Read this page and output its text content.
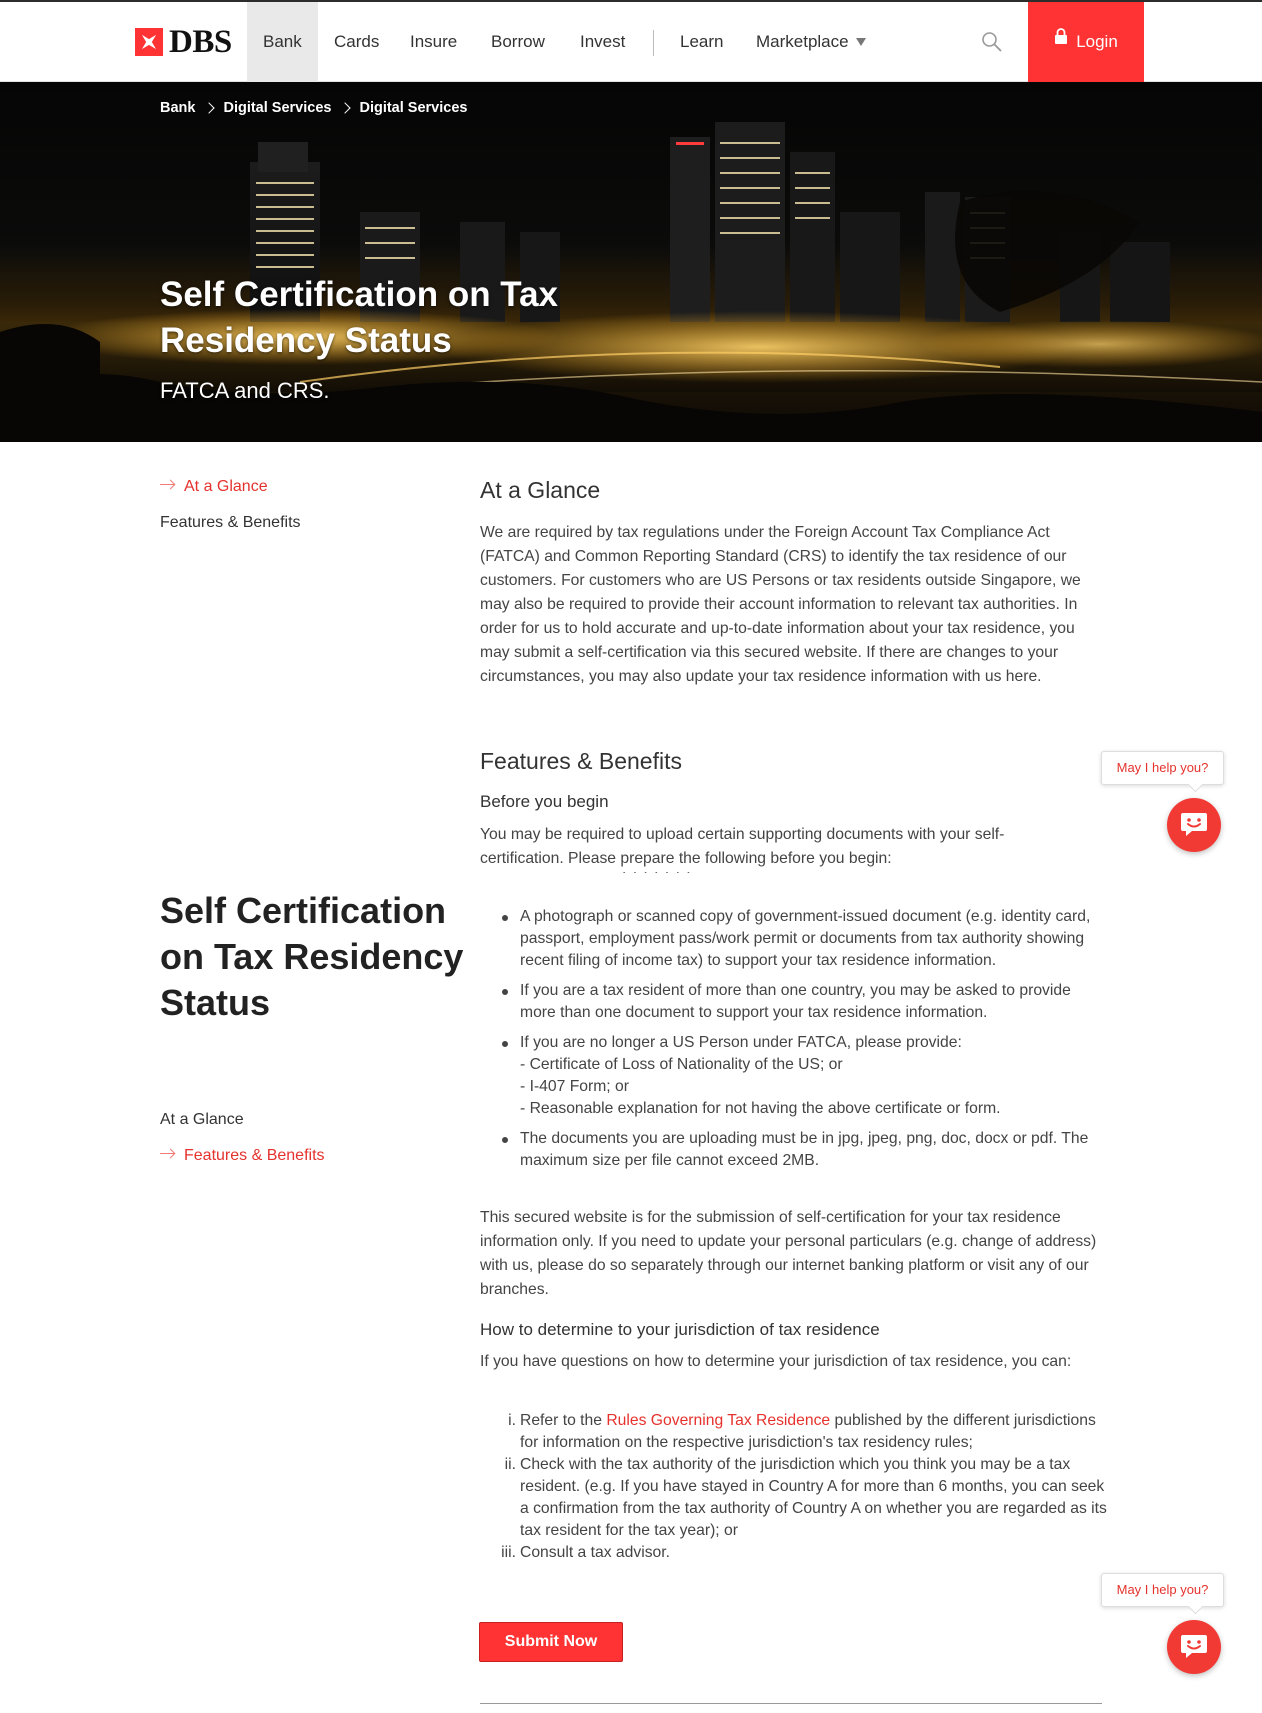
DBS	Bank	Cards	Insure	Borrow	Invest	Learn	Marketplace	Login
Bank Digital Services Digital Services
Self Certification on Tax Residency Status
FATCA and CRS.
At a Glance
Features & Benefits
Self Certification on Tax Residency Status
At a Glance
Features & Benefits
At a Glance
We are required by tax regulations under the Foreign Account Tax Compliance Act (FATCA) and Common Reporting Standard (CRS) to identify the tax residence of our customers. For customers who are US Persons or tax residents outside Singapore, we may also be required to provide their account information to relevant tax authorities. In order for us to hold accurate and up-to-date information about your tax residence, you may submit a self-certification via this secured website. If there are changes to your circumstances, you may also update your tax residence information with us here.
Features & Benefits
Before you begin
You may be required to upload certain supporting documents with your self-certification. Please prepare the following before you begin:
A photograph or scanned copy of government-issued document (e.g. identity card, passport, employment pass/work permit or documents from tax authority showing recent filing of income tax) to support your tax residence information.
If you are a tax resident of more than one country, you may be asked to provide more than one document to support your tax residence information.
If you are no longer a US Person under FATCA, please provide:
- Certificate of Loss of Nationality of the US; or
- I-407 Form; or
- Reasonable explanation for not having the above certificate or form.
The documents you are uploading must be in jpg, jpeg, png, doc, docx or pdf. The maximum size per file cannot exceed 2MB.
This secured website is for the submission of self-certification for your tax residence information only. If you need to update your personal particulars (e.g. change of address) with us, please do so separately through our internet banking platform or visit any of our branches.
How to determine to your jurisdiction of tax residence
If you have questions on how to determine your jurisdiction of tax residence, you can:
i. Refer to the Rules Governing Tax Residence published by the different jurisdictions for information on the respective jurisdiction's tax residency rules;
ii. Check with the tax authority of the jurisdiction which you think you may be a tax resident. (e.g. If you have stayed in Country A for more than 6 months, you can seek a confirmation from the tax authority of Country A on whether you are regarded as its tax resident for the tax year); or
iii. Consult a tax advisor.
Submit Now
May I help you?
May I help you?
